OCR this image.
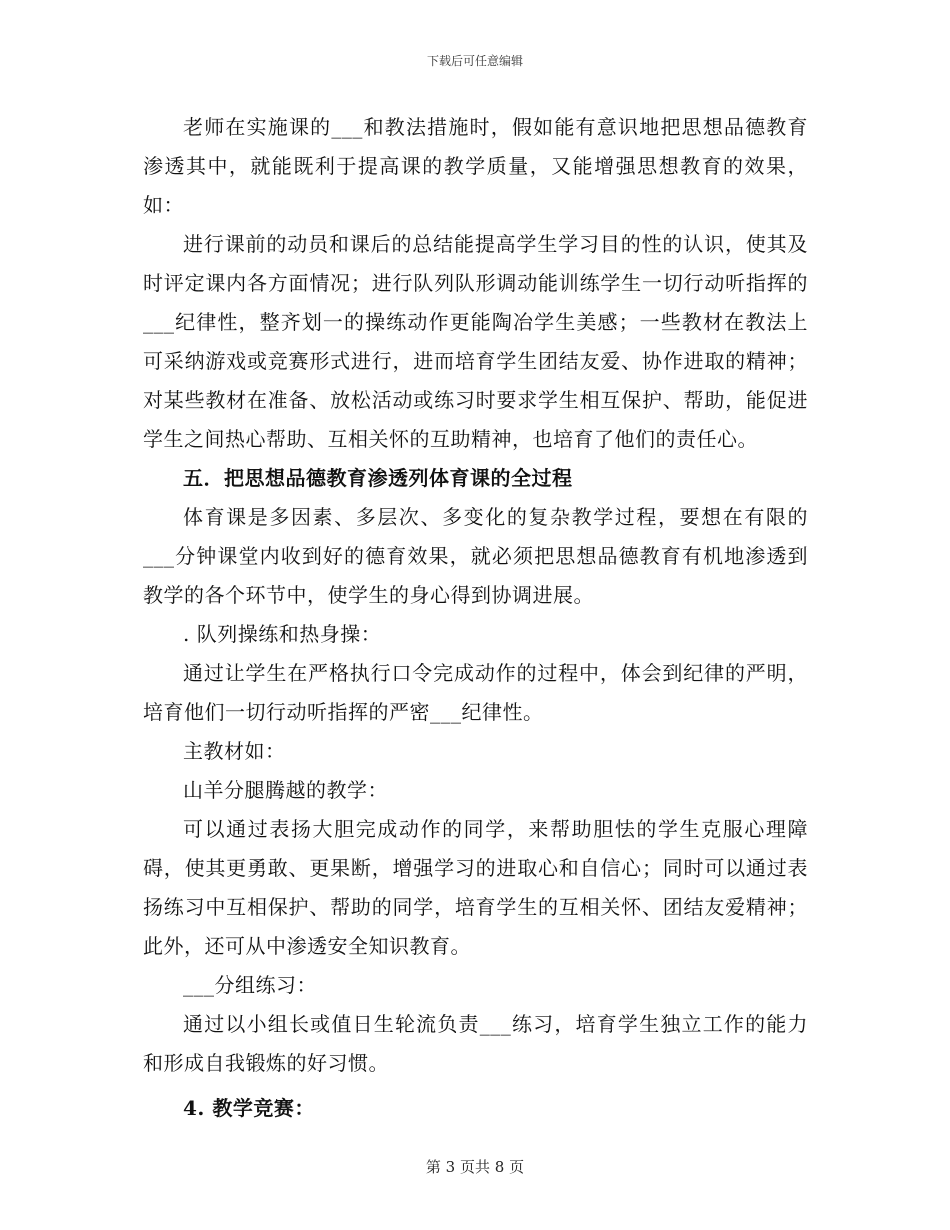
下载后可任意编辑

老师在实施课的___和教法措施时，假如能有意识地把思想品德教育渗透其中，就能既利于提高课的教学质量，又能增强思想教育的效果，如：

进行课前的动员和课后的总结能提高学生学习目的性的认识，使其及时评定课内各方面情况；进行队列队形调动能训练学生一切行动听指挥的___纪律性，整齐划一的操练动作更能陶冶学生美感；一些教材在教法上可采纳游戏或竞赛形式进行，进而培育学生团结友爱、协作进取的精神；对某些教材在准备、放松活动或练习时要求学生相互保护、帮助，能促进学生之间热心帮助、互相关怀的互助精神，也培育了他们的责任心。

五．把思想品德教育渗透列体育课的全过程

体育课是多因素、多层次、多变化的复杂教学过程，要想在有限的___分钟课堂内收到好的德育效果，就必须把思想品德教育有机地渗透到教学的各个环节中，使学生的身心得到协调进展。

. 队列操练和热身操：

通过让学生在严格执行口令完成动作的过程中，体会到纪律的严明，培育他们一切行动听指挥的严密___纪律性。

主教材如：

山羊分腿腾越的教学：

可以通过表扬大胆完成动作的同学，来帮助胆怯的学生克服心理障碍，使其更勇敢、更果断，增强学习的进取心和自信心；同时可以通过表扬练习中互相保护、帮助的同学，培育学生的互相关怀、团结友爱精神；此外，还可从中渗透安全知识教育。

___分组练习：

通过以小组长或值日生轮流负责___练习，培育学生独立工作的能力和形成自我锻炼的好习惯。

4. 教学竞赛：

第 3 页共 8 页
